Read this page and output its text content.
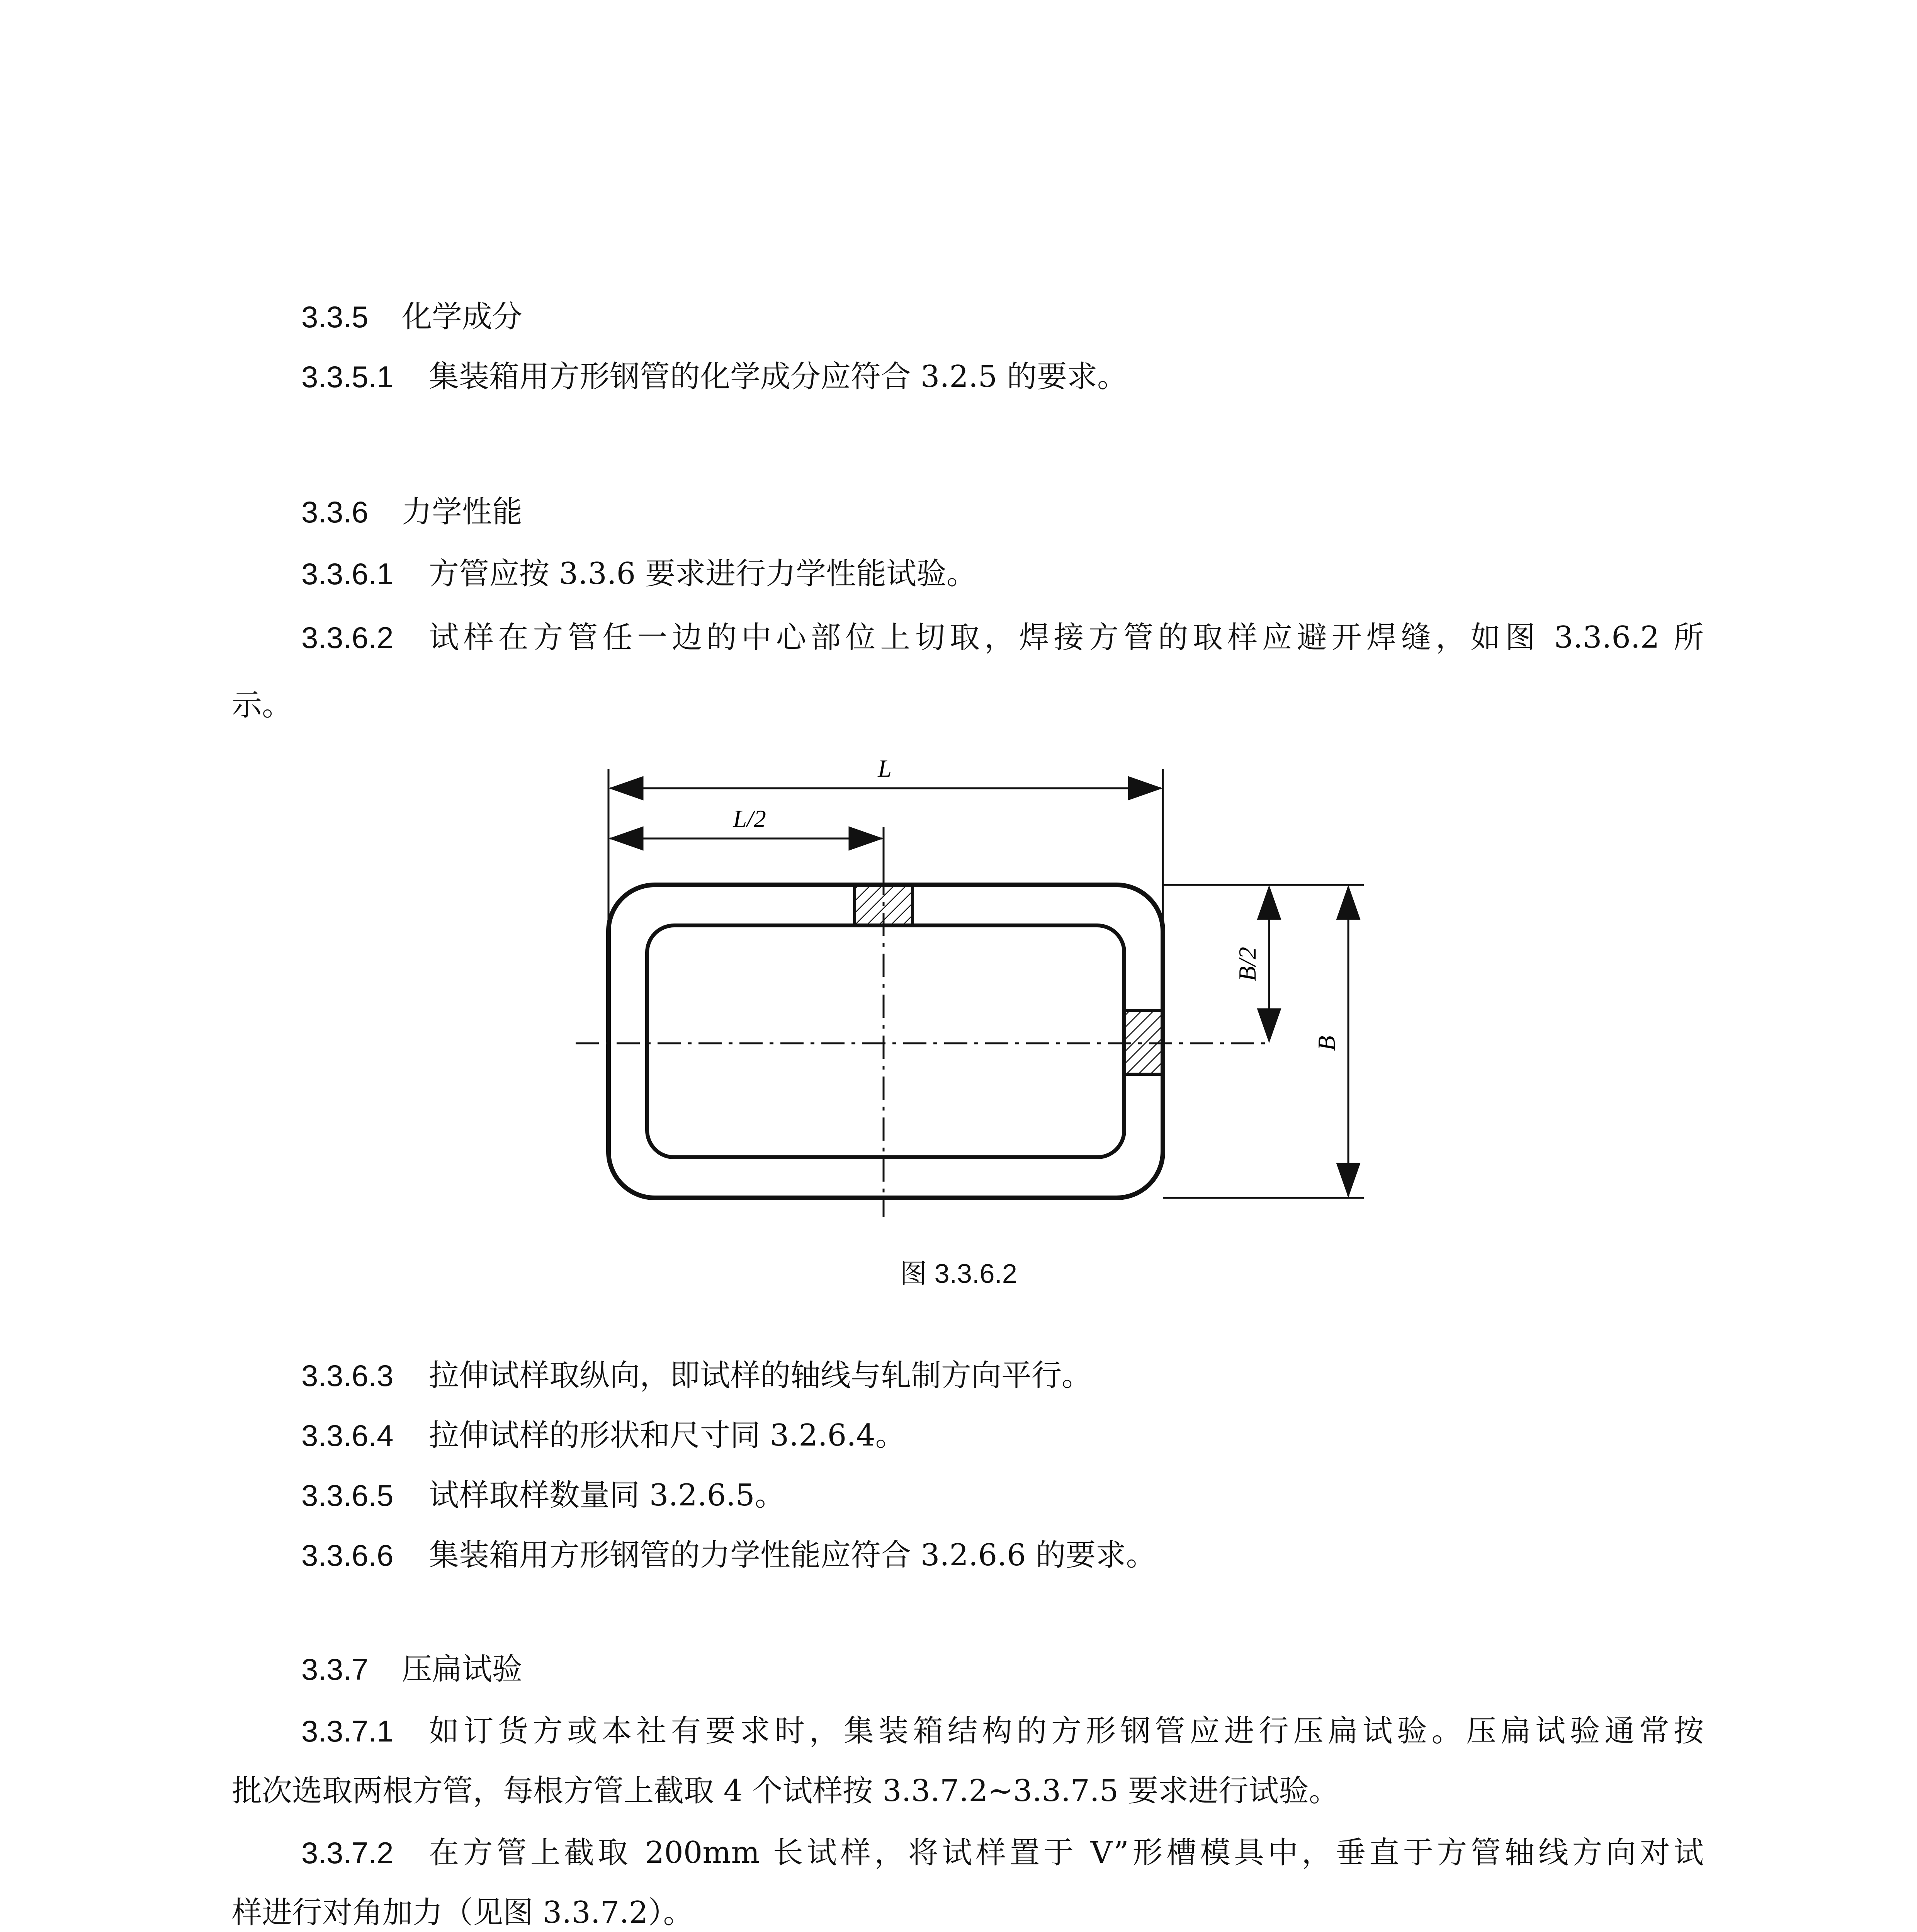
3.3.5 化学成分
3.3.5.1 集装箱用方形钢管的化学成分应符合 3.2.5 的要求。
3.3.6 力学性能
3.3.6.1 方管应按 3.3.6 要求进行力学性能试验。
3.3.6.2 试样在方管任一边的中心部位上切取，焊接方管的取样应避开焊缝，如图 3.3.6.2 所
示。
L
L/2
B/2
B
图 3.3.6.2
3.3.6.3 拉伸试样取纵向，即试样的轴线与轧制方向平行。
3.3.6.4 拉伸试样的形状和尺寸同 3.2.6.4。
3.3.6.5 试样取样数量同 3.2.6.5。
3.3.6.6 集装箱用方形钢管的力学性能应符合 3.2.6.6 的要求。
3.3.7 压扁试验
3.3.7.1 如订货方或本社有要求时，集装箱结构的方形钢管应进行压扁试验。压扁试验通常按
批次选取两根方管，每根方管上截取 4 个试样按 3.3.7.2~3.3.7.5 要求进行试验。
3.3.7.2 在方管上截取 200mm 长试样，将试样置于 V”形槽模具中，垂直于方管轴线方向对试
样进行对角加力（见图 3.3.7.2）。
